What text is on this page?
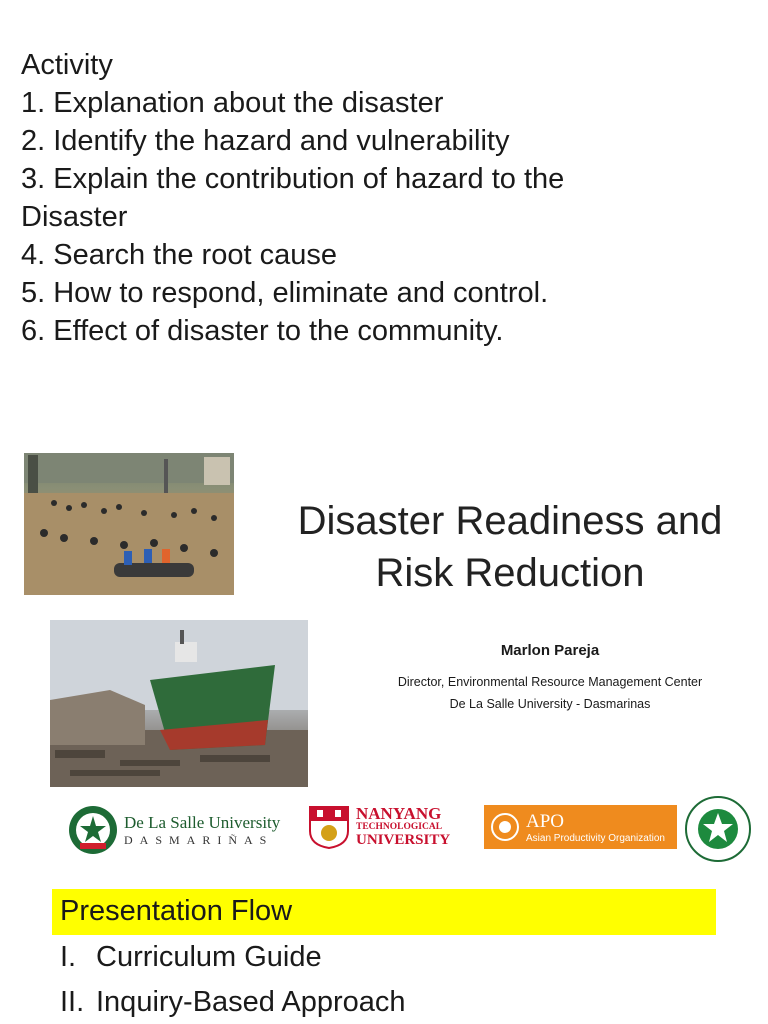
Activity
1. Explanation about the disaster
2. Identify the hazard and vulnerability
3. Explain the contribution of hazard to the
Disaster
4. Search the root cause
5. How to respond, eliminate and control.
6. Effect of disaster to the community.
Disaster Readiness and
Risk Reduction
Marlon Pareja
Director, Environmental Resource Management Center
De La Salle University - Dasmarinas
De La Salle University
DASMARIÑAS
NANYANG
TECHNOLOGICAL
UNIVERSITY
APO
Asian Productivity Organization
Presentation Flow
I. Curriculum Guide
II. Inquiry-Based Approach
